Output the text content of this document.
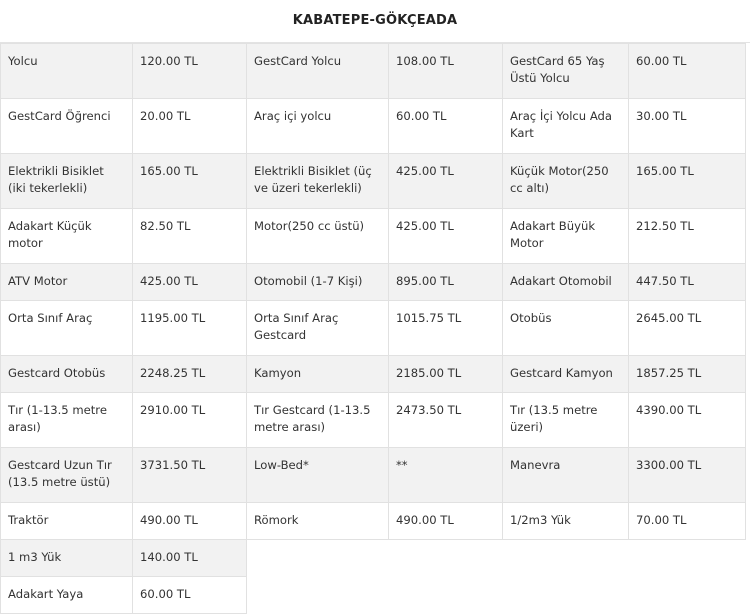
KABATEPE-GÖKÇEADA
Yolcu	120.00 TL	GestCard Yolcu	108.00 TL	GestCard 65 Yaş Üstü Yolcu	60.00 TL
GestCard Öğrenci	20.00 TL	Araç içi yolcu	60.00 TL	Araç İçi Yolcu Ada Kart	30.00 TL
Elektrikli Bisiklet (iki tekerlekli)	165.00 TL	Elektrikli Bisiklet (üç ve üzeri tekerlekli)	425.00 TL	Küçük Motor(250 cc altı)	165.00 TL
Adakart Küçük motor	82.50 TL	Motor(250 cc üstü)	425.00 TL	Adakart Büyük Motor	212.50 TL
ATV Motor	425.00 TL	Otomobil (1-7 Kişi)	895.00 TL	Adakart Otomobil	447.50 TL
Orta Sınıf Araç	1195.00 TL	Orta Sınıf Araç Gestcard	1015.75 TL	Otobüs	2645.00 TL
Gestcard Otobüs	2248.25 TL	Kamyon	2185.00 TL	Gestcard Kamyon	1857.25 TL
Tır (1-13.5 metre arası)	2910.00 TL	Tır Gestcard (1-13.5 metre arası)	2473.50 TL	Tır (13.5 metre üzeri)	4390.00 TL
Gestcard Uzun Tır (13.5 metre üstü)	3731.50 TL	Low-Bed*	**	Manevra	3300.00 TL
Traktör	490.00 TL	Römork	490.00 TL	1/2m3 Yük	70.00 TL
1 m3 Yük	140.00 TL				
Adakart Yaya	60.00 TL				
